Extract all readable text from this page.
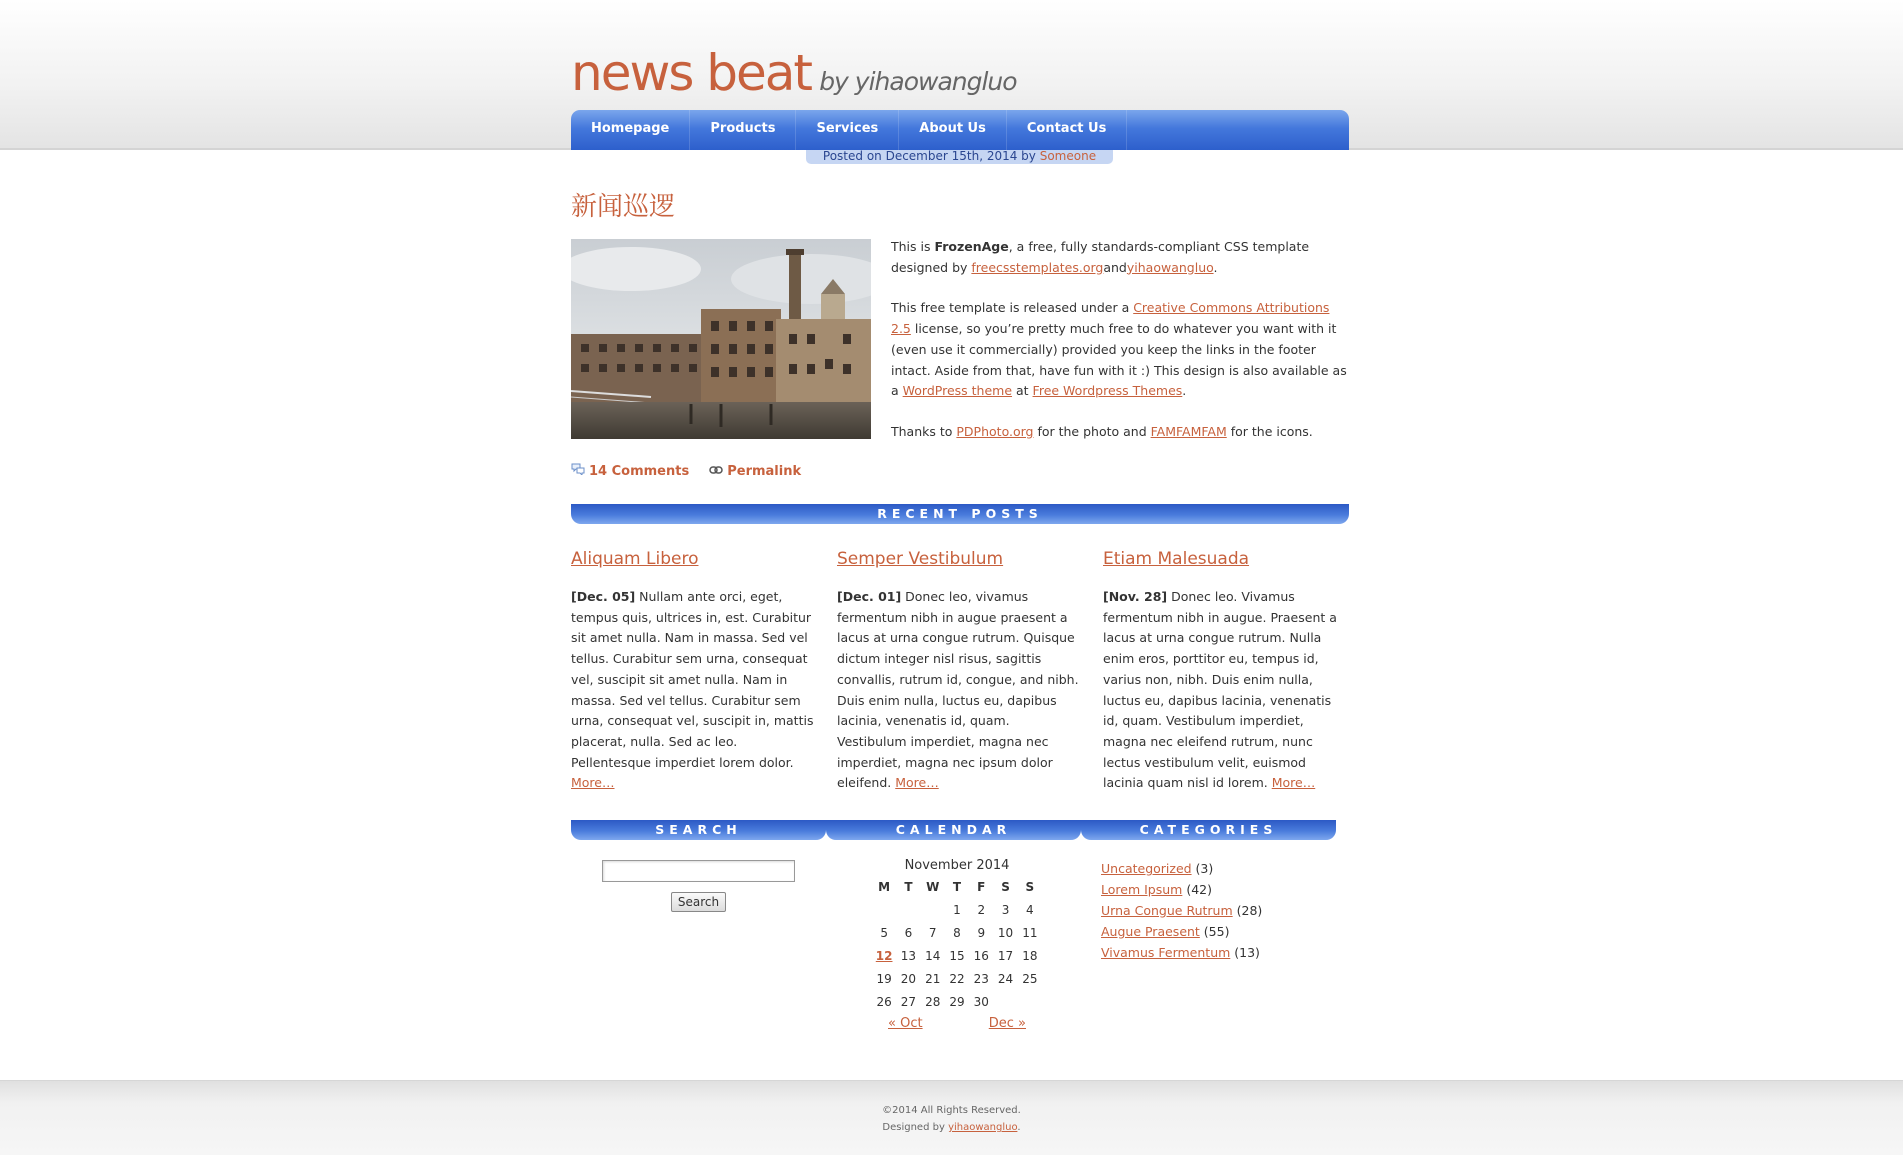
news beat by yihaowangluo
Homepage	Products	Services	About Us	Contact Us
Posted on December 15th, 2014 by Someone
新闻巡逻

This is FrozenAge, a free, fully standards-compliant CSS template designed by freecsstemplates.organdyihaowangluo.

This free template is released under a Creative Commons Attributions 2.5 license, so you’re pretty much free to do whatever you want with it (even use it commercially) provided you keep the links in the footer intact. Aside from that, have fun with it :) This design is also available as a WordPress theme at Free Wordpress Themes.

Thanks to PDPhoto.org for the photo and FAMFAMFAM for the icons.

14 Comments	Permalink
RECENT POSTS
Aliquam Libero
[Dec. 05] Nullam ante orci, eget, tempus quis, ultrices in, est. Curabitur sit amet nulla. Nam in massa. Sed vel tellus. Curabitur sem urna, consequat vel, suscipit sit amet nulla. Nam in massa. Sed vel tellus. Curabitur sem urna, consequat vel, suscipit in, mattis placerat, nulla. Sed ac leo. Pellentesque imperdiet lorem dolor. More…
Semper Vestibulum
[Dec. 01] Donec leo, vivamus fermentum nibh in augue praesent a lacus at urna congue rutrum. Quisque dictum integer nisl risus, sagittis convallis, rutrum id, congue, and nibh. Duis enim nulla, luctus eu, dapibus lacinia, venenatis id, quam. Vestibulum imperdiet, magna nec imperdiet, magna nec ipsum dolor eleifend. More…
Etiam Malesuada
[Nov. 28] Donec leo. Vivamus fermentum nibh in augue. Praesent a lacus at urna congue rutrum. Nulla enim eros, porttitor eu, tempus id, varius non, nibh. Duis enim nulla, luctus eu, dapibus lacinia, venenatis id, quam. Vestibulum imperdiet, magna nec eleifend rutrum, nunc lectus vestibulum velit, euismod lacinia quam nisl id lorem. More…
SEARCH

Search
CALENDAR
November 2014
M	T	W	T	F	S	S
			1	2	3	4
5	6	7	8	9	10	11
12	13	14	15	16	17	18
19	20	21	22	23	24	25
26	27	28	29	30		
« Oct	Dec »
CATEGORIES
Uncategorized (3)
Lorem Ipsum (42)
Urna Congue Rutrum (28)
Augue Praesent (55)
Vivamus Fermentum (13)
©2014 All Rights Reserved.
Designed by yihaowangluo.
